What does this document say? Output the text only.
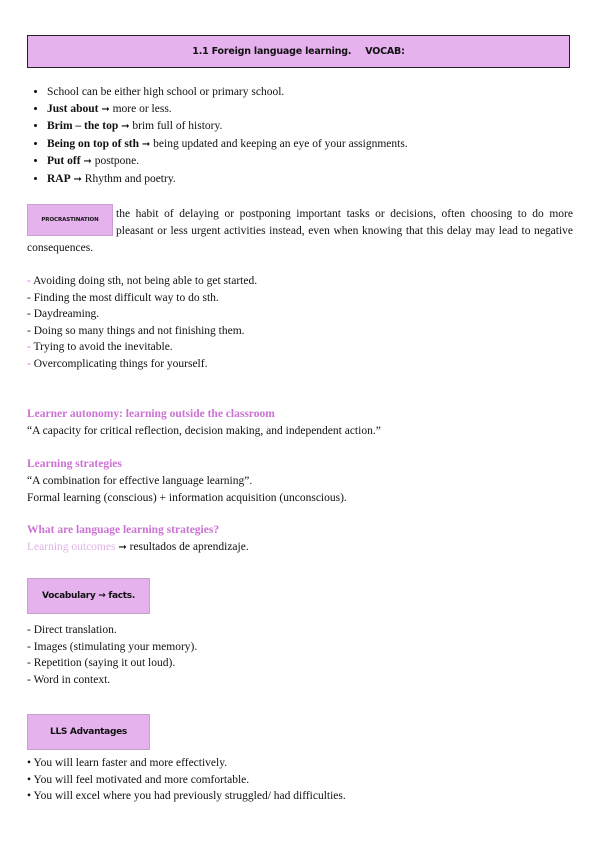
1.1 Foreign language learning. VOCAB:
• School can be either high school or primary school.
• Just about ➞ more or less.
• Brim – the top ➞ brim full of history.
• Being on top of sth ➞ being updated and keeping an eye of your assignments.
• Put off ➞ postpone.
• RAP ➞ Rhythm and poetry.

the habit of delaying or postponing important tasks or decisions, often choosing to do more pleasant or less urgent activities instead, even when knowing that this delay may lead to negative consequences.

PROCRASTINATION
- Avoiding doing sth, not being able to get started.
- Finding the most difficult way to do sth.
- Daydreaming.
- Doing so many things and not finishing them.
- Trying to avoid the inevitable.
- Overcomplicating things for yourself.
Learner autonomy: learning outside the classroom
“A capacity for critical reflection, decision making, and independent action.”
Learning strategies
“A combination for effective language learning”.
Formal learning (conscious) + information acquisition (unconscious).
What are language learning strategies?
Learning outcomes ➞ resultados de aprendizaje.
Vocabulary → facts.
- Direct translation.
- Images (stimulating your memory).
- Repetition (saying it out loud).
- Word in context.
LLS Advantages
• You will learn faster and more effectively.
• You will feel motivated and more comfortable.
• You will excel where you had previously struggled/ had difficulties.
